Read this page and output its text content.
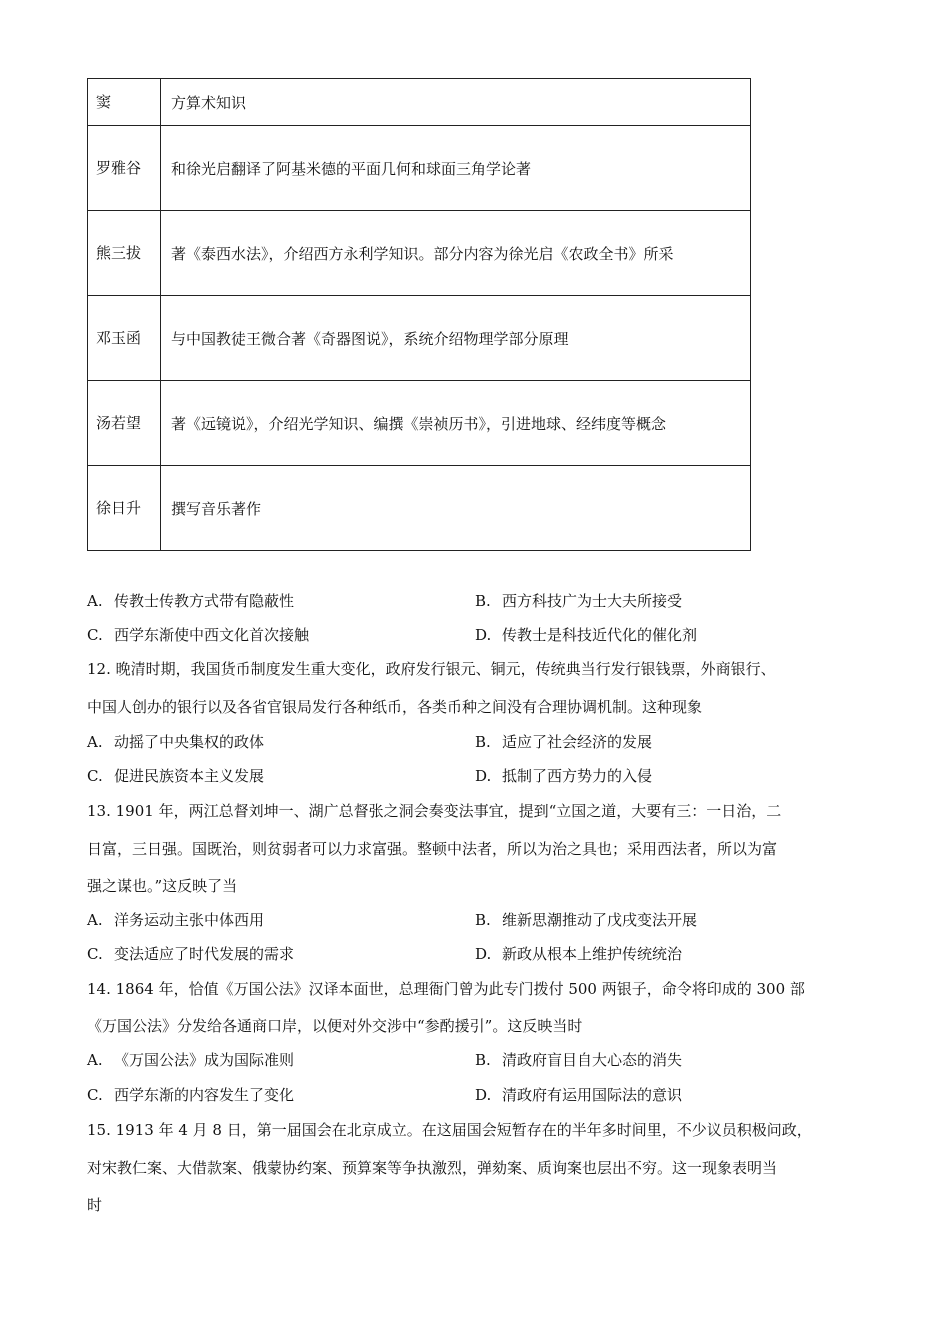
窦	方算术知识
罗雅谷	和徐光启翻译了阿基米德的平面几何和球面三角学论著
熊三拔	著《泰西水法》，介绍西方永利学知识。部分内容为徐光启《农政全书》所采
邓玉函	与中国教徒王微合著《奇器图说》，系统介绍物理学部分原理
汤若望	著《远镜说》，介绍光学知识、编撰《崇祯历书》，引进地球、经纬度等概念
徐日升	撰写音乐著作
A. 传教士传教方式带有隐蔽性	B. 西方科技广为士大夫所接受
C. 西学东渐使中西文化首次接触	D. 传教士是科技近代化的催化剂
12. 晚清时期，我国货币制度发生重大变化，政府发行银元、铜元，传统典当行发行银钱票，外商银行、
中国人创办的银行以及各省官银局发行各种纸币，各类币种之间没有合理协调机制。这种现象
A. 动摇了中央集权的政体	B. 适应了社会经济的发展
C. 促进民族资本主义发展	D. 抵制了西方势力的入侵
13. 1901 年，两江总督刘坤一、湖广总督张之洞会奏变法事宜，提到“立国之道，大要有三：一日治，二
日富，三日强。国既治，则贫弱者可以力求富强。整顿中法者，所以为治之具也；采用西法者，所以为富
强之谋也。”这反映了当
A. 洋务运动主张中体西用	B. 维新思潮推动了戊戌变法开展
C. 变法适应了时代发展的需求	D. 新政从根本上维护传统统治
14. 1864 年，恰值《万国公法》汉译本面世，总理衙门曾为此专门拨付 500 两银子，命令将印成的 300 部
《万国公法》分发给各通商口岸，以便对外交涉中“参酌援引”。这反映当时
A. 《万国公法》成为国际准则	B. 清政府盲目自大心态的消失
C. 西学东渐的内容发生了变化	D. 清政府有运用国际法的意识
15. 1913 年 4 月 8 日，第一届国会在北京成立。在这届国会短暂存在的半年多时间里，不少议员积极问政，
对宋教仁案、大借款案、俄蒙协约案、预算案等争执激烈，弹劾案、质询案也层出不穷。这一现象表明当
时
